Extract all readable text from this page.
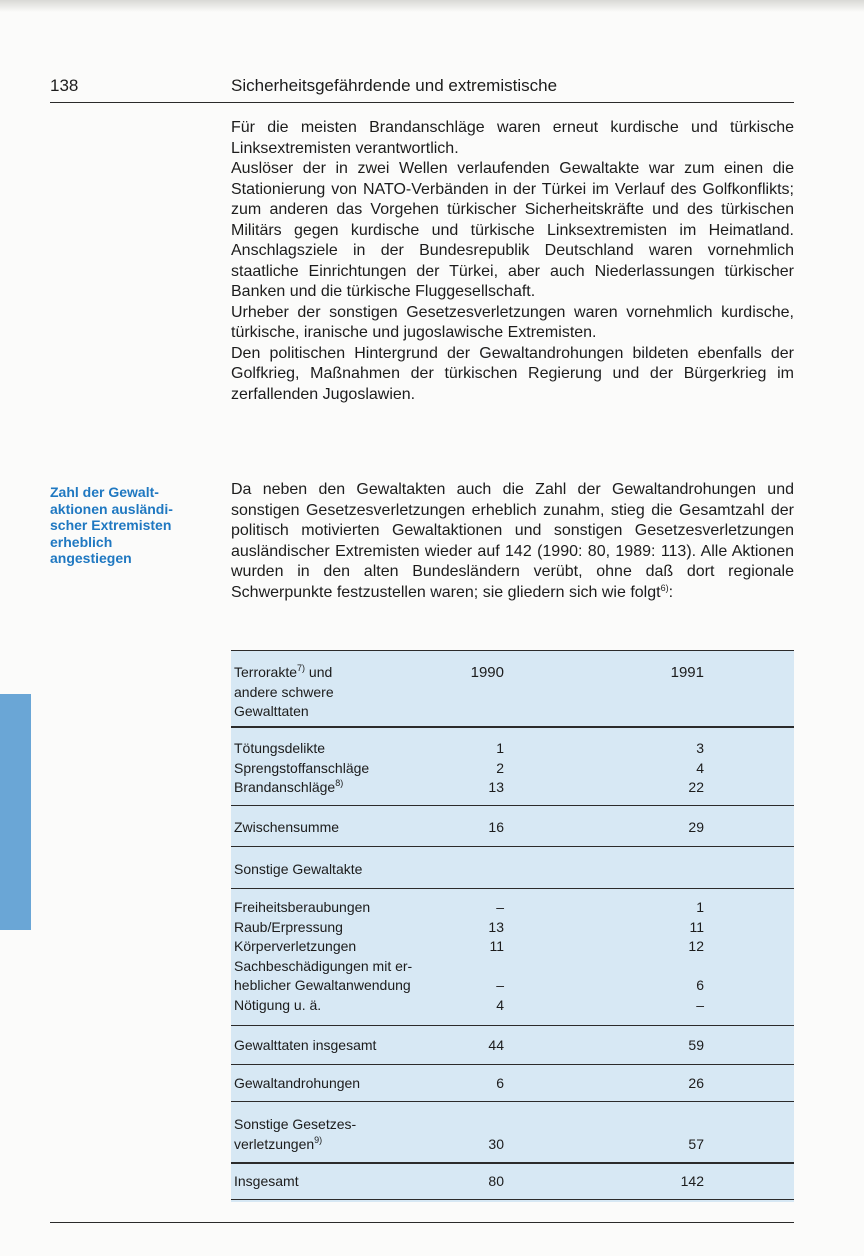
138	Sicherheitsgefährdende und extremistische

Für die meisten Brandanschläge waren erneut kurdische und türkische Linksextremisten verantwortlich.

Auslöser der in zwei Wellen verlaufenden Gewaltakte war zum einen die Stationierung von NATO-Verbänden in der Türkei im Verlauf des Golfkonflikts; zum anderen das Vorgehen türkischer Sicherheitskräfte und des türkischen Militärs gegen kurdische und türkische Linksextremisten im Heimatland. Anschlagsziele in der Bundesrepublik Deutschland waren vornehmlich staatliche Einrichtungen der Türkei, aber auch Niederlassungen türkischer Banken und die türkische Fluggesellschaft.

Urheber der sonstigen Gesetzesverletzungen waren vornehmlich kurdische, türkische, iranische und jugoslawische Extremisten.

Den politischen Hintergrund der Gewaltandrohungen bildeten ebenfalls der Golfkrieg, Maßnahmen der türkischen Regierung und der Bürgerkrieg im zerfallenden Jugoslawien.

Zahl der Gewalt-
aktionen ausländi-
scher Extremisten
erheblich
angestiegen

Da neben den Gewaltakten auch die Zahl der Gewaltandrohungen und sonstigen Gesetzesverletzungen erheblich zunahm, stieg die Gesamtzahl der politisch motivierten Gewaltaktionen und sonstigen Gesetzesverletzungen ausländischer Extremisten wieder auf 142 (1990: 80, 1989: 113). Alle Aktionen wurden in den alten Bundesländern verübt, ohne daß dort regionale Schwerpunkte festzustellen waren; sie gliedern sich wie folgt$^{6)}$:

Terrorakte$^{7)}$ und
andere schwere
Gewalttaten
1990	1991
Tötungsdelikte	1	3
Sprengstoffanschläge	2	4
Brandanschläge$^{8)}$	13	22
Zwischensumme	16	29
Sonstige Gewaltakte
Freiheitsberaubungen	–	1
Raub/Erpressung	13	11
Körperverletzungen	11	12
Sachbeschädigungen mit er-
heblicher Gewaltanwendung	–	6
Nötigung u. ä.	4	–
Gewalttaten insgesamt	44	59
Gewaltandrohungen	6	26
Sonstige Gesetzes-
verletzungen$^{9)}$	30	57
Insgesamt	80	142
